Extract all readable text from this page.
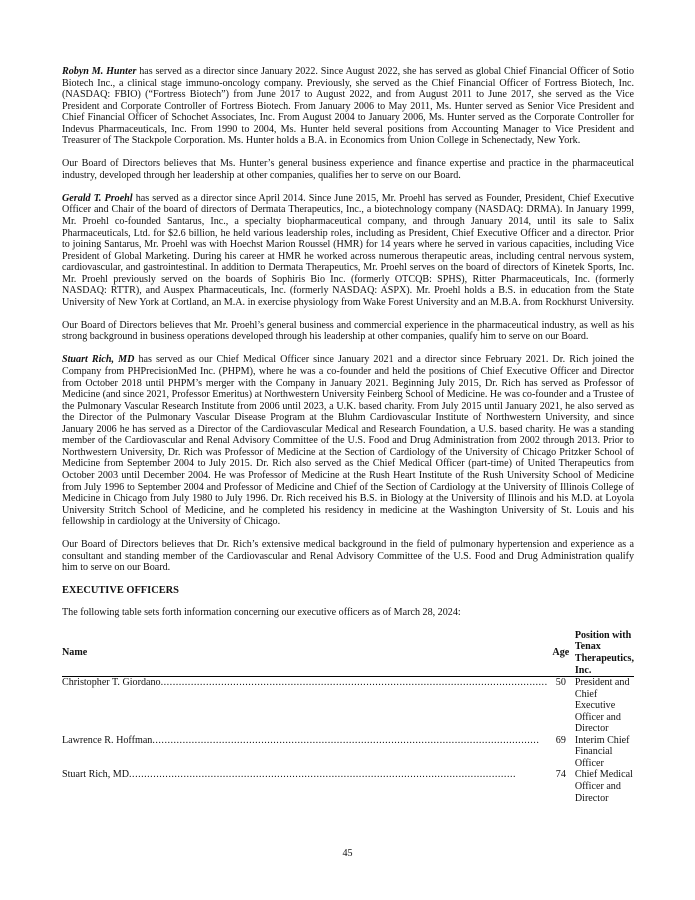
Robyn M. Hunter has served as a director since January 2022. Since August 2022, she has served as global Chief Financial Officer of Sotio Biotech Inc., a clinical stage immuno-oncology company. Previously, she served as the Chief Financial Officer of Fortress Biotech, Inc. (NASDAQ: FBIO) (“Fortress Biotech”) from June 2017 to August 2022, and from August 2011 to June 2017, she served as the Vice President and Corporate Controller of Fortress Biotech. From January 2006 to May 2011, Ms. Hunter served as Senior Vice President and Chief Financial Officer of Schochet Associates, Inc. From August 2004 to January 2006, Ms. Hunter served as the Corporate Controller for Indevus Pharmaceuticals, Inc. From 1990 to 2004, Ms. Hunter held several positions from Accounting Manager to Vice President and Treasurer of The Stackpole Corporation. Ms. Hunter holds a B.A. in Economics from Union College in Schenectady, New York.

Our Board of Directors believes that Ms. Hunter’s general business experience and finance expertise and practice in the pharmaceutical industry, developed through her leadership at other companies, qualifies her to serve on our Board.

Gerald T. Proehl has served as a director since April 2014. Since June 2015, Mr. Proehl has served as Founder, President, Chief Executive Officer and Chair of the board of directors of Dermata Therapeutics, Inc., a biotechnology company (NASDAQ: DRMA). In January 1999, Mr. Proehl co-founded Santarus, Inc., a specialty biopharmaceutical company, and through January 2014, until its sale to Salix Pharmaceuticals, Ltd. for $2.6 billion, he held various leadership roles, including as President, Chief Executive Officer and a director. Prior to joining Santarus, Mr. Proehl was with Hoechst Marion Roussel (HMR) for 14 years where he served in various capacities, including Vice President of Global Marketing. During his career at HMR he worked across numerous therapeutic areas, including central nervous system, cardiovascular, and gastrointestinal. In addition to Dermata Therapeutics, Mr. Proehl serves on the board of directors of Kinetek Sports, Inc. Mr. Proehl previously served on the boards of Sophiris Bio Inc. (formerly OTCQB: SPHS), Ritter Pharmaceuticals, Inc. (formerly NASDAQ: RTTR), and Auspex Pharmaceuticals, Inc. (formerly NASDAQ: ASPX). Mr. Proehl holds a B.S. in education from the State University of New York at Cortland, an M.A. in exercise physiology from Wake Forest University and an M.B.A. from Rockhurst University.

Our Board of Directors believes that Mr. Proehl’s general business and commercial experience in the pharmaceutical industry, as well as his strong background in business operations developed through his leadership at other companies, qualify him to serve on our Board.

Stuart Rich, MD has served as our Chief Medical Officer since January 2021 and a director since February 2021. Dr. Rich joined the Company from PHPrecisionMed Inc. (PHPM), where he was a co-founder and held the positions of Chief Executive Officer and Director from October 2018 until PHPM’s merger with the Company in January 2021. Beginning July 2015, Dr. Rich has served as Professor of Medicine (and since 2021, Professor Emeritus) at Northwestern University Feinberg School of Medicine. He was co-founder and a Trustee of the Pulmonary Vascular Research Institute from 2006 until 2023, a U.K. based charity. From July 2015 until January 2021, he also served as the Director of the Pulmonary Vascular Disease Program at the Bluhm Cardiovascular Institute of Northwestern University, and since January 2006 he has served as a Director of the Cardiovascular Medical and Research Foundation, a U.S. based charity. He was a standing member of the Cardiovascular and Renal Advisory Committee of the U.S. Food and Drug Administration from 2002 through 2013. Prior to Northwestern University, Dr. Rich was Professor of Medicine at the Section of Cardiology of the University of Chicago Pritzker School of Medicine from September 2004 to July 2015. Dr. Rich also served as the Chief Medical Officer (part-time) of United Therapeutics from October 2003 until December 2004. He was Professor of Medicine at the Rush Heart Institute of the Rush University School of Medicine from July 1996 to September 2004 and Professor of Medicine and Chief of the Section of Cardiology at the University of Illinois College of Medicine in Chicago from July 1980 to July 1996. Dr. Rich received his B.S. in Biology at the University of Illinois and his M.D. at Loyola University Stritch School of Medicine, and he completed his residency in medicine at the Washington University of St. Louis and his fellowship in cardiology at the University of Chicago.

Our Board of Directors believes that Dr. Rich’s extensive medical background in the field of pulmonary hypertension and experience as a consultant and standing member of the Cardiovascular and Renal Advisory Committee of the U.S. Food and Drug Administration qualify him to serve on our Board.

EXECUTIVE OFFICERS

The following table sets forth information concerning our executive officers as of March 28, 2024:

Name		Age		Position with Tenax Therapeutics, Inc.

Christopher T. Giordano .....		50		President and Chief Executive Officer and Director

Lawrence R. Hoffman .....		69		Interim Chief Financial Officer

Stuart Rich, MD .....		74		Chief Medical Officer and Director
45
